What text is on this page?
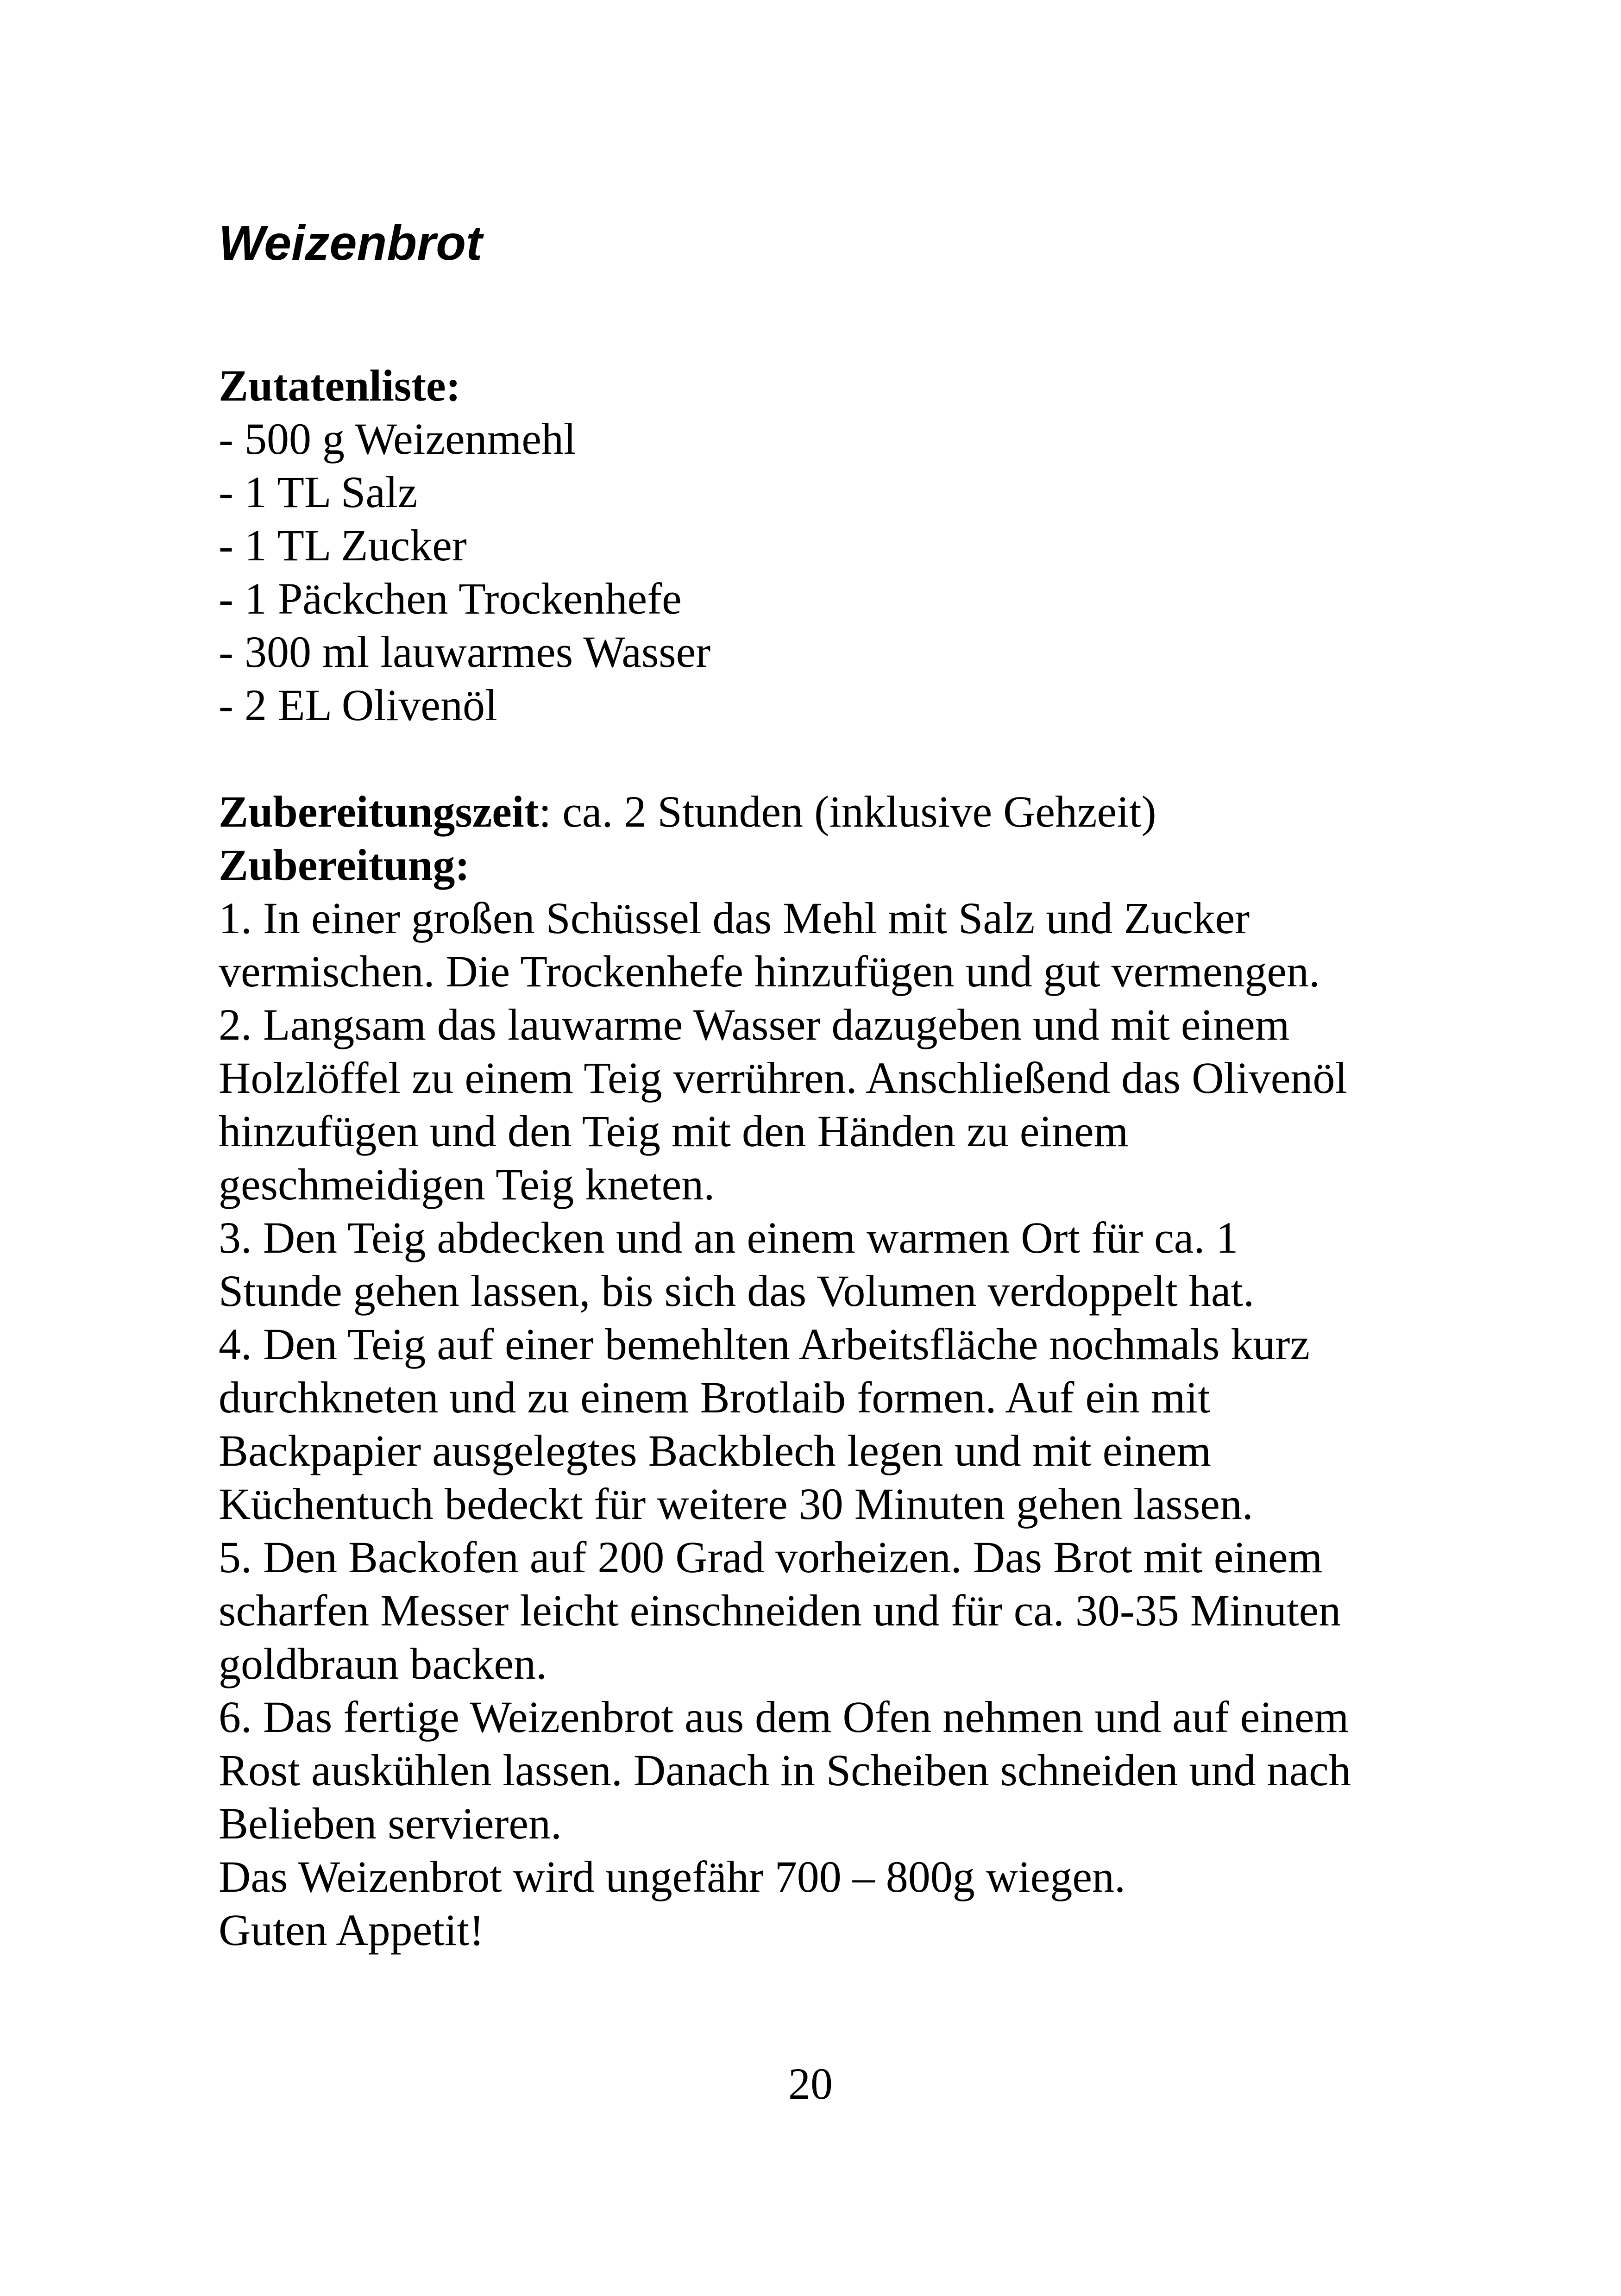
Weizenbrot
Zutatenliste:
- 500 g Weizenmehl
- 1 TL Salz
- 1 TL Zucker
- 1 Päckchen Trockenhefe
- 300 ml lauwarmes Wasser
- 2 EL Olivenöl
Zubereitungszeit: ca. 2 Stunden (inklusive Gehzeit)
Zubereitung:
1. In einer großen Schüssel das Mehl mit Salz und Zucker
vermischen. Die Trockenhefe hinzufügen und gut vermengen.
2. Langsam das lauwarme Wasser dazugeben und mit einem
Holzlöffel zu einem Teig verrühren. Anschließend das Olivenöl
hinzufügen und den Teig mit den Händen zu einem
geschmeidigen Teig kneten.
3. Den Teig abdecken und an einem warmen Ort für ca. 1
Stunde gehen lassen, bis sich das Volumen verdoppelt hat.
4. Den Teig auf einer bemehlten Arbeitsfläche nochmals kurz
durchkneten und zu einem Brotlaib formen. Auf ein mit
Backpapier ausgelegtes Backblech legen und mit einem
Küchentuch bedeckt für weitere 30 Minuten gehen lassen.
5. Den Backofen auf 200 Grad vorheizen. Das Brot mit einem
scharfen Messer leicht einschneiden und für ca. 30-35 Minuten
goldbraun backen.
6. Das fertige Weizenbrot aus dem Ofen nehmen und auf einem
Rost auskühlen lassen. Danach in Scheiben schneiden und nach
Belieben servieren.
Das Weizenbrot wird ungefähr 700 – 800g wiegen.
Guten Appetit!
20
